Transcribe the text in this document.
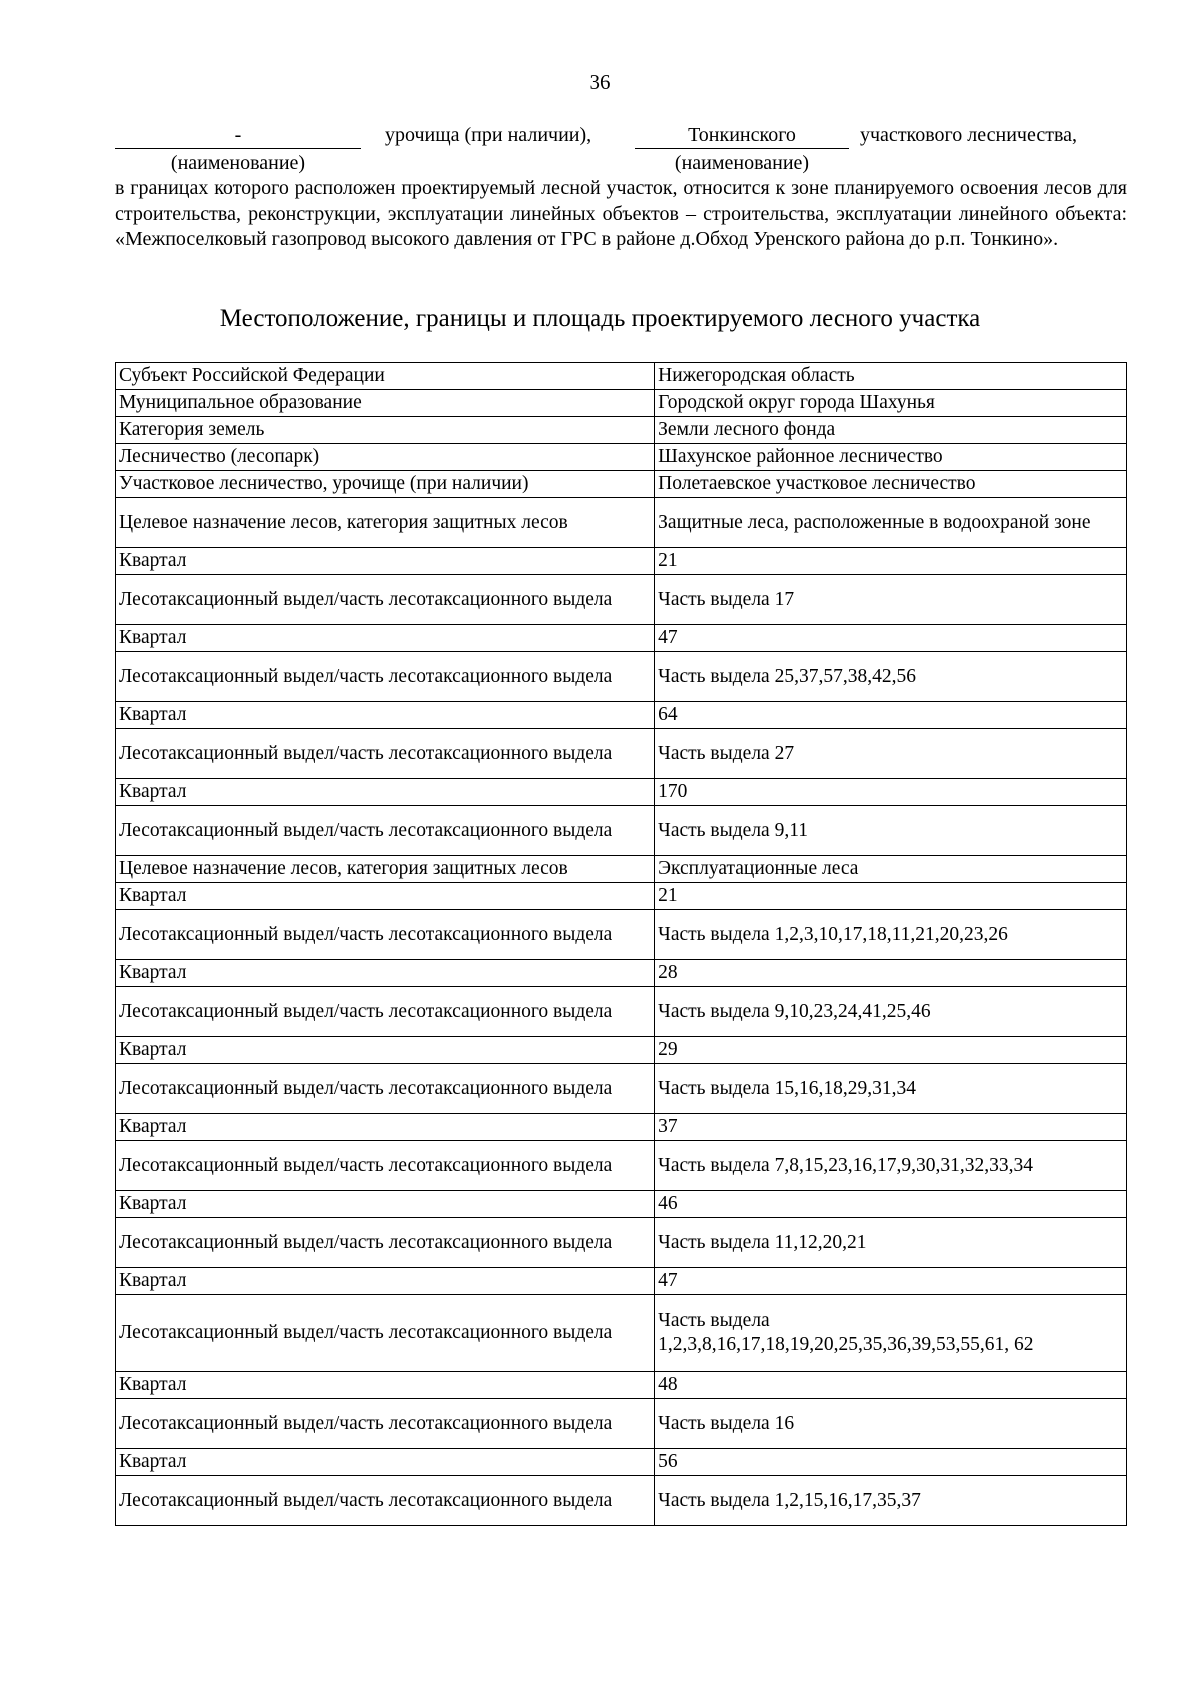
36
-	урочища (при наличии),	Тонкинского	участкового лесничества,
(наименование)	(наименование)
в границах которого расположен проектируемый лесной участок, относится к зоне планируемого освоения лесов для строительства, реконструкции, эксплуатации линейных объектов – строительства, эксплуатации линейного объекта: «Межпоселковый газопровод высокого давления от ГРС в районе д.Обход Уренского района до р.п. Тонкино».
Местоположение, границы и площадь проектируемого лесного участка
Субъект Российской Федерации	Нижегородская область
Муниципальное образование	Городской округ города Шахунья
Категория земель	Земли лесного фонда
Лесничество (лесопарк)	Шахунское районное лесничество
Участковое лесничество, урочище (при наличии)	Полетаевское участковое лесничество
Целевое назначение лесов, категория защитных лесов	Защитные леса, расположенные в водоохраной зоне
Квартал	21
Лесотаксационный выдел/часть лесотаксационного выдела	Часть выдела 17
Квартал	47
Лесотаксационный выдел/часть лесотаксационного выдела	Часть выдела 25,37,57,38,42,56
Квартал	64
Лесотаксационный выдел/часть лесотаксационного выдела	Часть выдела 27
Квартал	170
Лесотаксационный выдел/часть лесотаксационного выдела	Часть выдела 9,11
Целевое назначение лесов, категория защитных лесов	Эксплуатационные леса
Квартал	21
Лесотаксационный выдел/часть лесотаксационного выдела	Часть выдела 1,2,3,10,17,18,11,21,20,23,26
Квартал	28
Лесотаксационный выдел/часть лесотаксационного выдела	Часть выдела 9,10,23,24,41,25,46
Квартал	29
Лесотаксационный выдел/часть лесотаксационного выдела	Часть выдела 15,16,18,29,31,34
Квартал	37
Лесотаксационный выдел/часть лесотаксационного выдела	Часть выдела 7,8,15,23,16,17,9,30,31,32,33,34
Квартал	46
Лесотаксационный выдел/часть лесотаксационного выдела	Часть выдела 11,12,20,21
Квартал	47
Лесотаксационный выдел/часть лесотаксационного выдела	Часть выдела 1,2,3,8,16,17,18,19,20,25,35,36,39,53,55,61, 62
Квартал	48
Лесотаксационный выдел/часть лесотаксационного выдела	Часть выдела 16
Квартал	56
Лесотаксационный выдел/часть лесотаксационного выдела	Часть выдела 1,2,15,16,17,35,37
